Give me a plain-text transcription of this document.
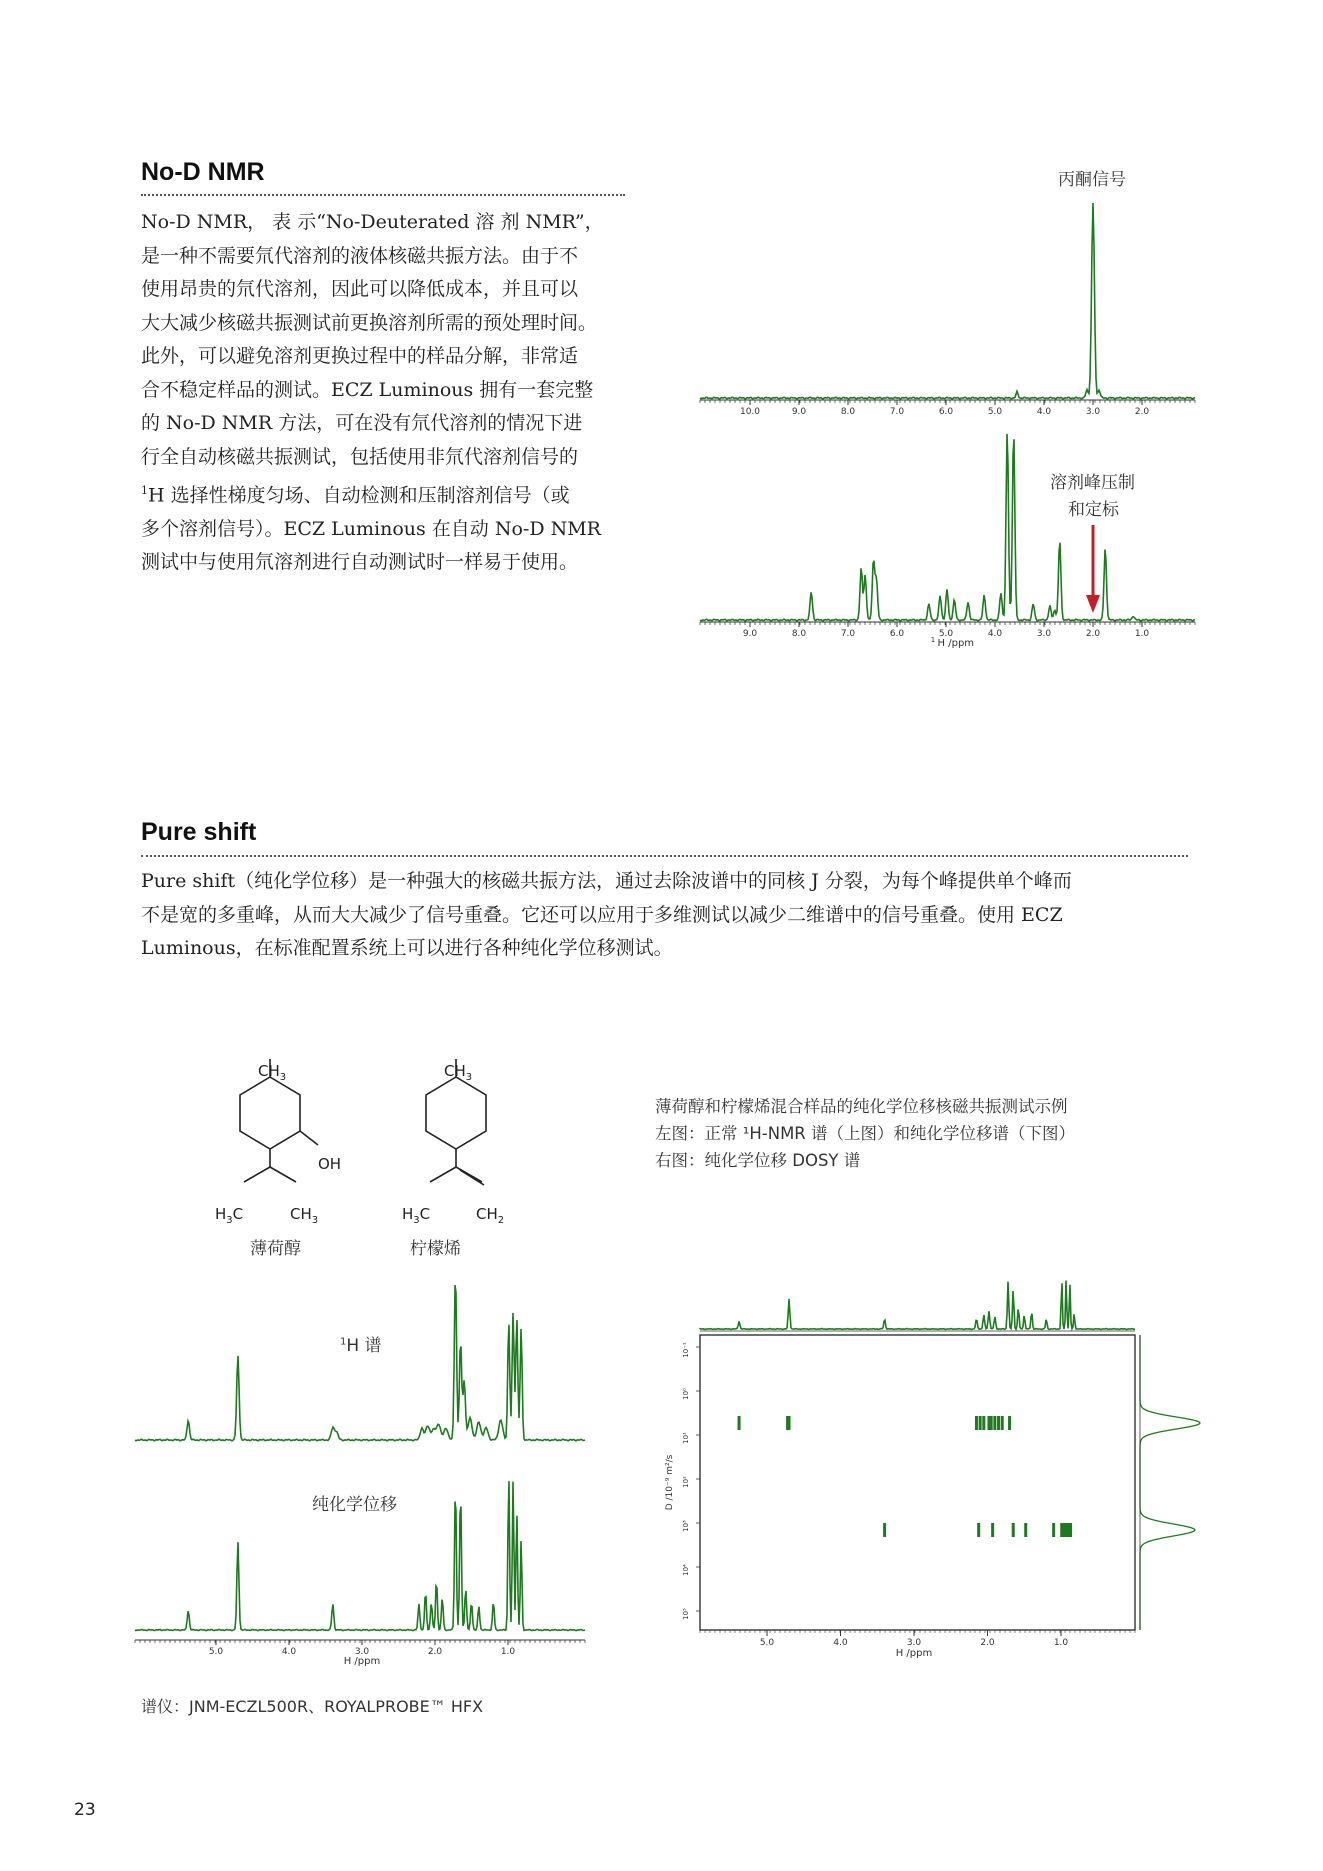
No-D NMR
No-D NMR， 表 示“No-Deuterated 溶 剂 NMR”，
是一种不需要氘代溶剂的液体核磁共振方法。由于不
使用昂贵的氘代溶剂，因此可以降低成本，并且可以
大大减少核磁共振测试前更换溶剂所需的预处理时间。
此外，可以避免溶剂更换过程中的样品分解，非常适
合不稳定样品的测试。ECZ Luminous 拥有一套完整
的 No-D NMR 方法，可在没有氘代溶剂的情况下进
行全自动核磁共振测试，包括使用非氘代溶剂信号的
$^1$H 选择性梯度匀场、自动检测和压制溶剂信号（或
多个溶剂信号）。ECZ Luminous 在自动 No-D NMR
测试中与使用氘溶剂进行自动测试时一样易于使用。
丙酮信号
溶剂峰压制
和定标
10.0	9.0	8.0	7.0	6.0	5.0	4.0	3.0	2.0
9.0	8.0	7.0	6.0	5.0	4.0	3.0	2.0	1.0
H /ppm
1
Pure shift
Pure shift（纯化学位移）是一种强大的核磁共振方法，通过去除波谱中的同核 J 分裂，为每个峰提供单个峰而
不是宽的多重峰，从而大大减少了信号重叠。它还可以应用于多维测试以减少二维谱中的信号重叠。使用 ECZ
Luminous，在标准配置系统上可以进行各种纯化学位移测试。
$CH_3$
OH
$H_3C$	$CH_3$
$CH_3$
$H_3C$	$CH_2$
薄荷醇	柠檬烯
薄荷醇和柠檬烯混合样品的纯化学位移核磁共振测试示例
左图：正常 ¹H-NMR 谱（上图）和纯化学位移谱（下图）
右图：纯化学位移 DOSY 谱
$^1$H 谱
纯化学位移
5.0	4.0	3.0	2.0	1.0
H /ppm
5.0	4.0	3.0	2.0	1.0
H /ppm
10⁻¹
10⁰
10¹
10²
10³
10⁴
10⁵
D /10⁻⁹ m²/s
谱仪：JNM-ECZL500R、ROYALPROBE™ HFX
23
